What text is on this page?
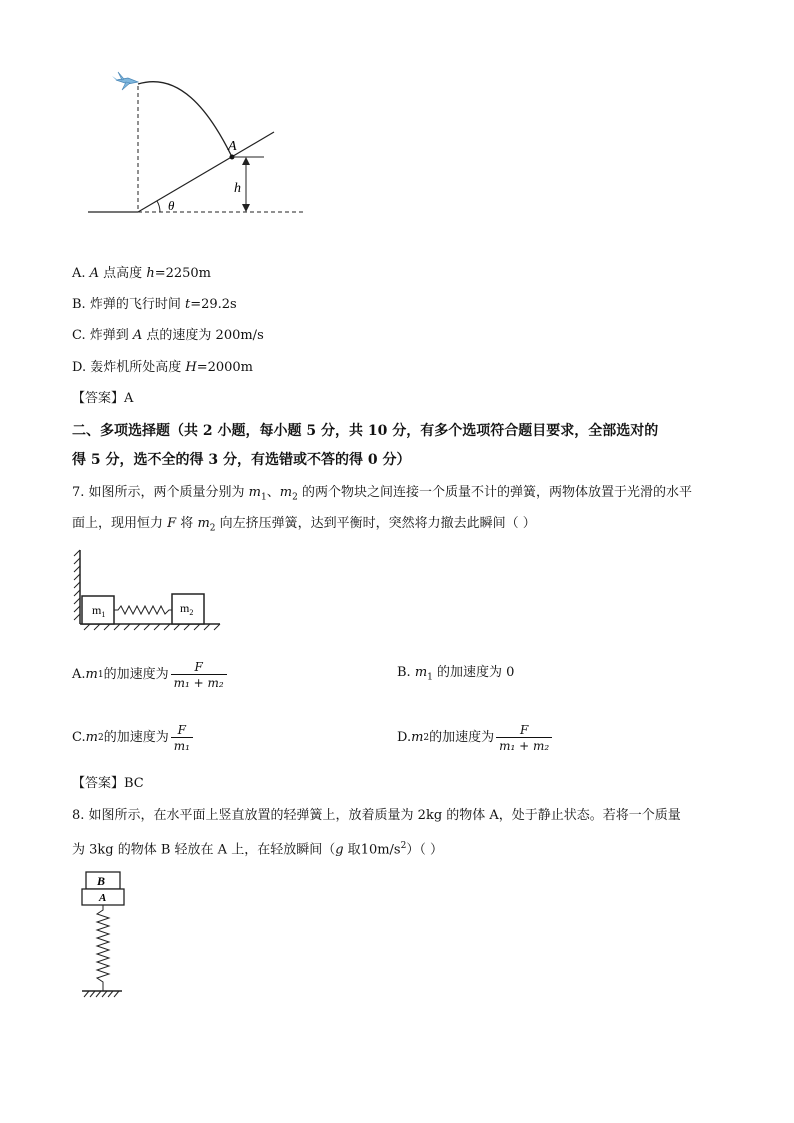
A
h
θ
A. A 点高度 h=2250m
B. 炸弹的飞行时间 t=29.2s
C. 炸弹到 A 点的速度为 200m/s
D. 轰炸机所处高度 H=2000m
【答案】A
二、多项选择题（共 2 小题，每小题 5 分，共 10 分，有多个选项符合题目要求，全部选对的
得 5 分，选不全的得 3 分，有选错或不答的得 0 分）
7. 如图所示，两个质量分别为 $m_1$、$m_2$ 的两个物块之间连接一个质量不计的弹簧，两物体放置于光滑的水平
面上，现用恒力 F 将 $m_2$ 向左挤压弹簧，达到平衡时，突然将力撤去此瞬间（ ）
$m_1$	$m_2$
A. m 1 的加速度为 $\frac{F}{\text{m₁ + m₂}}$	B. $m_1$ 的加速度为 0
C. m 2 的加速度为 $\frac{F}{\text{m₁}}$	D. m 2 的加速度为 $\frac{F}{\text{m₁ + m₂}}$
【答案】BC
8. 如图所示，在水平面上竖直放置的轻弹簧上，放着质量为 2kg 的物体 A，处于静止状态。若将一个质量
为 3kg 的物体 B 轻放在 A 上，在轻放瞬间（g 取$10m/s^2$）（ ）
B
A
